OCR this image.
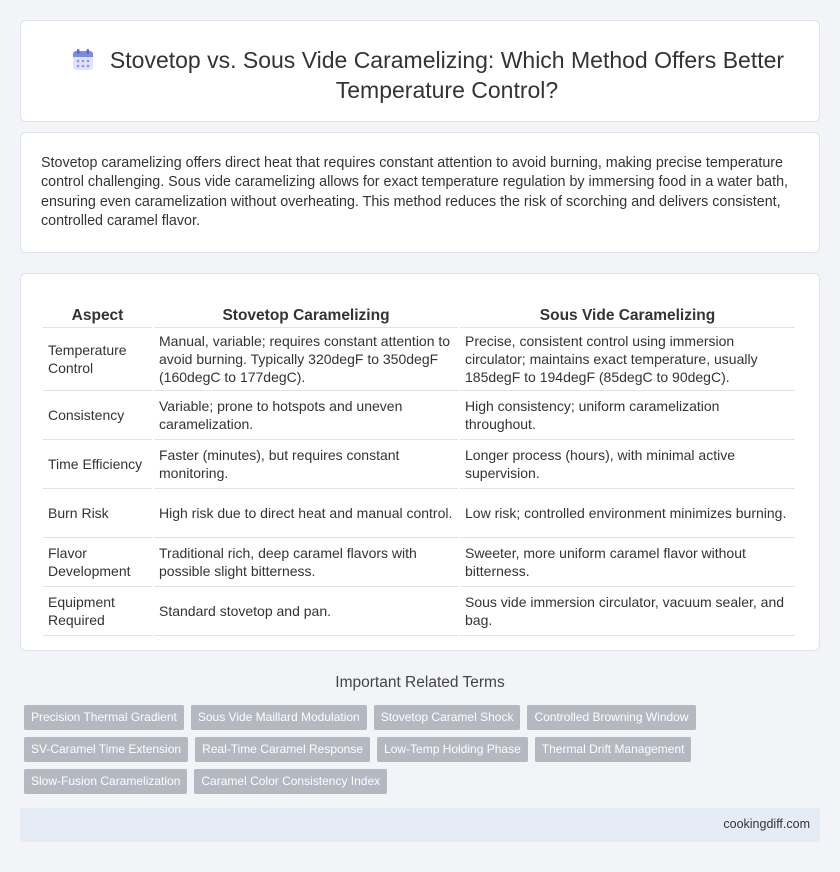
Stovetop vs. Sous Vide Caramelizing: Which Method Offers Better Temperature Control?

Stovetop caramelizing offers direct heat that requires constant attention to avoid burning, making precise temperature control challenging. Sous vide caramelizing allows for exact temperature regulation by immersing food in a water bath, ensuring even caramelization without overheating. This method reduces the risk of scorching and delivers consistent, controlled caramel flavor.

Aspect	Stovetop Caramelizing	Sous Vide Caramelizing
Temperature Control	Manual, variable; requires constant attention to avoid burning. Typically 320degF to 350degF (160degC to 177degC).	Precise, consistent control using immersion circulator; maintains exact temperature, usually 185degF to 194degF (85degC to 90degC).
Consistency	Variable; prone to hotspots and uneven caramelization.	High consistency; uniform caramelization throughout.
Time Efficiency	Faster (minutes), but requires constant monitoring.	Longer process (hours), with minimal active supervision.
Burn Risk	High risk due to direct heat and manual control.	Low risk; controlled environment minimizes burning.
Flavor Development	Traditional rich, deep caramel flavors with possible slight bitterness.	Sweeter, more uniform caramel flavor without bitterness.
Equipment Required	Standard stovetop and pan.	Sous vide immersion circulator, vacuum sealer, and bag.
Important Related Terms
Precision Thermal Gradient	Sous Vide Maillard Modulation	Stovetop Caramel Shock	Controlled Browning Window
SV-Caramel Time Extension	Real-Time Caramel Response	Low-Temp Holding Phase	Thermal Drift Management
Slow-Fusion Caramelization	Caramel Color Consistency Index
cookingdiff.com
